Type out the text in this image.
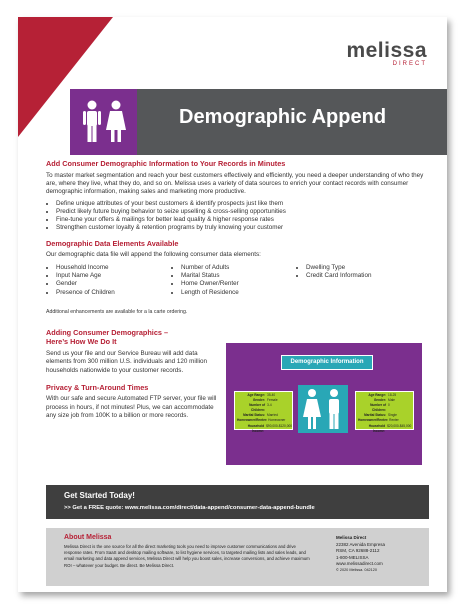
melissa
DIRECT
Demographic Append
Add Consumer Demographic Information to Your Records in Minutes

To master market segmentation and reach your best customers effectively and efficiently, you need a deeper understanding of who they are, where they live, what they do, and so on. Melissa uses a variety of data sources to enrich your contact records with consumer demographic information, making sales and marketing more productive.

• Define unique attributes of your best customers & identify prospects just like them
• Predict likely future buying behavior to seize upselling & cross-selling opportunities
• Fine-tune your offers & mailings for better lead quality & higher response rates
• Strengthen customer loyalty & retention programs by truly knowing your customer
Demographic Data Elements Available

Our demographic data file will append the following consumer data elements:

• Household Income
• Input Name Age
• Gender
• Presence of Children
• Number of Adults
• Marital Status
• Home Owner/Renter
• Length of Residence
• Dwelling Type
• Credit Card Information

Additional enhancements are available for a la carte ordering.

Adding Consumer Demographics –
Here’s How We Do It

Send us your file and our Service Bureau will add data elements from 300 million U.S. individuals and 120 million households nationwide to your customer records.

Privacy & Turn-Around Times

With our safe and secure Automated FTP server, your file will process in hours, if not minutes! Plus, we can accommodate any size job from 100K to a billion or more records.

Demographic Information
Age Range: 35-40
Gender: Female
Number of Children:
3-4
Marital Status: Married
Homeowner/Renter: Homeowner
Household Income:
$90,000-$120,000
Age Range: 18-25
Gender: Male
Number of Children:
0
Marital Status: Single
Homeowner/Renter: Renter
Household Income:
$20,000-$45,000
Get Started Today!
>> Get a FREE quote: www.melissa.com/direct/data-append/consumer-data-append-bundle
About Melissa
Melissa Direct is the one source for all the direct marketing tools you need to improve customer communications and drive response rates. From SaaS and desktop mailing software, to list hygiene services, to targeted mailing lists and sales leads, and email marketing and data append services, Melissa Direct will help you boost sales, increase conversions, and achieve maximum ROI – whatever your budget. Be direct. Be Melissa Direct.
Melissa Direct
22382 Avenida Empresa
RSM, CA 92688-2112
1-800-MELISSA
www.melissadirect.com
© 2020 Melissa. 042120
